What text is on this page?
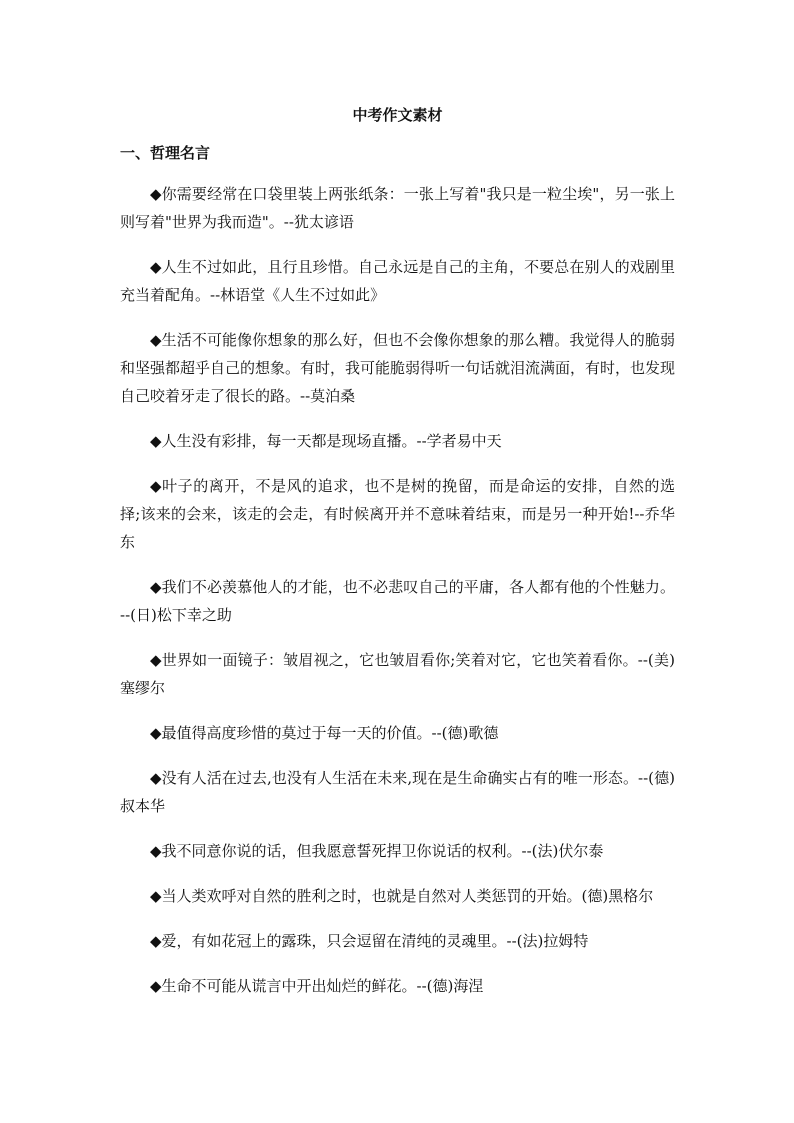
中考作文素材
一、哲理名言

◆你需要经常在口袋里装上两张纸条：一张上写着"我只是一粒尘埃"，另一张上则写着"世界为我而造"。--犹太谚语

◆人生不过如此，且行且珍惜。自己永远是自己的主角，不要总在别人的戏剧里充当着配角。--林语堂《人生不过如此》

◆生活不可能像你想象的那么好，但也不会像你想象的那么糟。我觉得人的脆弱和坚强都超乎自己的想象。有时，我可能脆弱得听一句话就泪流满面，有时，也发现自己咬着牙走了很长的路。--莫泊桑

◆人生没有彩排，每一天都是现场直播。--学者易中天

◆叶子的离开，不是风的追求，也不是树的挽留，而是命运的安排，自然的选择;该来的会来，该走的会走，有时候离开并不意味着结束，而是另一种开始!--乔华东

◆我们不必羡慕他人的才能，也不必悲叹自己的平庸，各人都有他的个性魅力。--(日)松下幸之助

◆世界如一面镜子：皱眉视之，它也皱眉看你;笑着对它，它也笑着看你。--(美)塞缪尔

◆最值得高度珍惜的莫过于每一天的价值。--(德)歌德

◆没有人活在过去,也没有人生活在未来,现在是生命确实占有的唯一形态。--(德)叔本华

◆我不同意你说的话，但我愿意誓死捍卫你说话的权利。--(法)伏尔泰

◆当人类欢呼对自然的胜利之时，也就是自然对人类惩罚的开始。(德)黑格尔

◆爱，有如花冠上的露珠，只会逗留在清纯的灵魂里。--(法)拉姆特

◆生命不可能从谎言中开出灿烂的鲜花。--(德)海涅
